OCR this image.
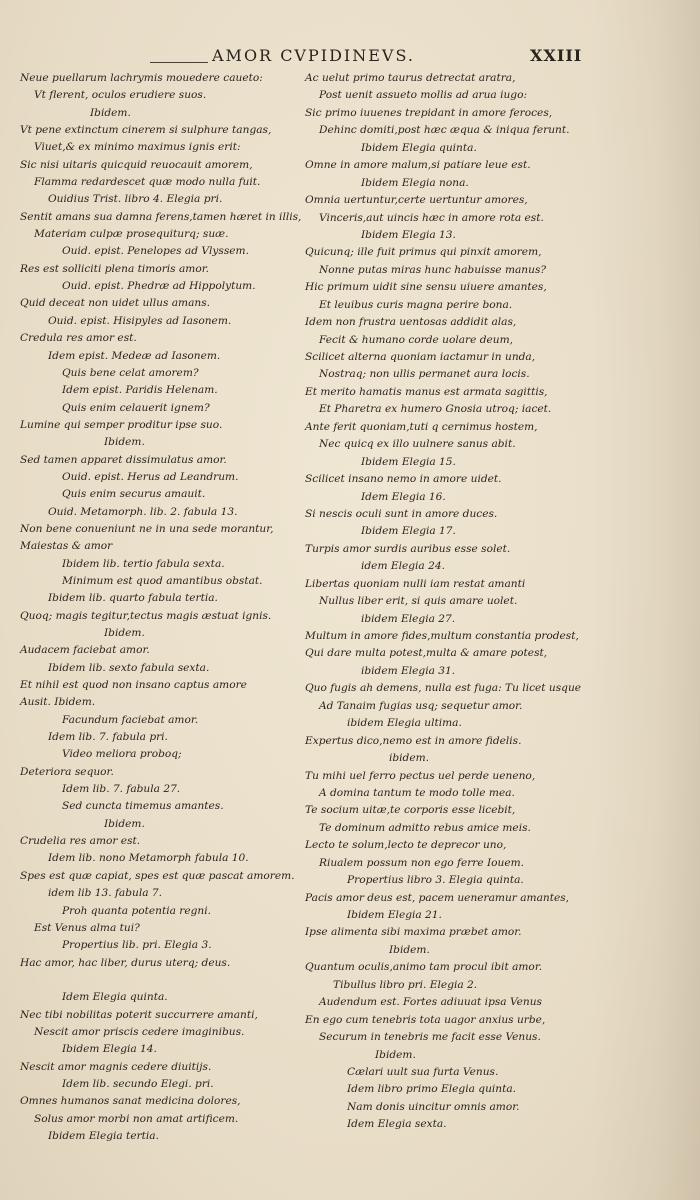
AMOR CVPIDINEVS.	XXIII
Neue puellarum lachrymis mouedere caueto:
Vt flerent, oculos erudiere suos.
Ibidem.
Vt pene extinctum cinerem si sulphure tangas,
Viuet,& ex minimo maximus ignis erit:
Sic nisi uitaris quicquid reuocauit amorem,
Flamma redardescet quæ modo nulla fuit.
Ouidius Trist. libro 4. Elegia pri.
Sentit amans sua damna ferens,tamen hæret in illis,
Materiam culpæ prosequiturq; suæ.
Ouid. epist. Penelopes ad Vlyssem.
Res est solliciti plena timoris amor.
Ouid. epist. Phedræ ad Hippolytum.
Quid deceat non uidet ullus amans.
Ouid. epist. Hisipyles ad Iasonem.
Credula res amor est.
Idem epist. Medeæ ad Iasonem.
Quis bene celat amorem?
Idem epist. Paridis Helenam.
Quis enim celauerit ignem?
Lumine qui semper proditur ipse suo.
Ibidem.
Sed tamen apparet dissimulatus amor.
Ouid. epist. Herus ad Leandrum.
Quis enim securus amauit.
Ouid. Metamorph. lib. 2. fabula 13.
Non bene conueniunt ne in una sede morantur,
Maiestas & amor
Ibidem lib. tertio fabula sexta.
Minimum est quod amantibus obstat.
Ibidem lib. quarto fabula tertia.
Quoq; magis tegitur,tectus magis æstuat ignis.
Ibidem.
Audacem faciebat amor.
Ibidem lib. sexto fabula sexta.
Et nihil est quod non insano captus amore
Ausit. Ibidem.
Facundum faciebat amor.
Idem lib. 7. fabula pri.
Video meliora proboq;
Deteriora sequor.
Idem lib. 7. fabula 27.
Sed cuncta timemus amantes.
Ibidem.
Crudelia res amor est.
Idem lib. nono Metamorph fabula 10.
Spes est quæ capiat, spes est quæ pascat amorem.
idem lib 13. fabula 7.
Proh quanta potentia regni.
Est Venus alma tui?
Propertius lib. pri. Elegia 3.
Hac amor, hac liber, durus uterq; deus.
Idem Elegia quinta.
Nec tibi nobilitas poterit succurrere amanti,
Nescit amor priscis cedere imaginibus.
Ibidem Elegia 14.
Nescit amor magnis cedere diuitijs.
Idem lib. secundo Elegi. pri.
Omnes humanos sanat medicina dolores,
Solus amor morbi non amat artificem.
Ibidem Elegia tertia.
Ac uelut primo taurus detrectat aratra,
Post uenit assueto mollis ad arua iugo:
Sic primo iuuenes trepidant in amore feroces,
Dehinc domiti,post hæc æqua & iniqua ferunt.
Ibidem Elegia quinta.
Omne in amore malum,si patiare leue est.
Ibidem Elegia nona.
Omnia uertuntur,certe uertuntur amores,
Vinceris,aut uincis hæc in amore rota est.
Ibidem Elegia 13.
Quicunq; ille fuit primus qui pinxit amorem,
Nonne putas miras hunc habuisse manus?
Hic primum uidit sine sensu uiuere amantes,
Et leuibus curis magna perire bona.
Idem non frustra uentosas addidit alas,
Fecit & humano corde uolare deum,
Scilicet alterna quoniam iactamur in unda,
Nostraq; non ullis permanet aura locis.
Et merito hamatis manus est armata sagittis,
Et Pharetra ex humero Gnosia utroq; iacet.
Ante ferit quoniam,tuti q cernimus hostem,
Nec quicq ex illo uulnere sanus abit.
Ibidem Elegia 15.
Scilicet insano nemo in amore uidet.
Idem Elegia 16.
Si nescis oculi sunt in amore duces.
Ibidem Elegia 17.
Turpis amor surdis auribus esse solet.
idem Elegia 24.
Libertas quoniam nulli iam restat amanti
Nullus liber erit, si quis amare uolet.
ibidem Elegia 27.
Multum in amore fides,multum constantia prodest,
Qui dare multa potest,multa & amare potest,
ibidem Elegia 31.
Quo fugis ah demens, nulla est fuga: Tu licet usque
Ad Tanaim fugias usq; sequetur amor.
ibidem Elegia ultima.
Expertus dico,nemo est in amore fidelis.
ibidem.
Tu mihi uel ferro pectus uel perde ueneno,
A domina tantum te modo tolle mea.
Te socium uitæ,te corporis esse licebit,
Te dominum admitto rebus amice meis.
Lecto te solum,lecto te deprecor uno,
Riualem possum non ego ferre Iouem.
Propertius libro 3. Elegia quinta.
Pacis amor deus est, pacem ueneramur amantes,
Ibidem Elegia 21.
Ipse alimenta sibi maxima præbet amor.
Ibidem.
Quantum oculis,animo tam procul ibit amor.
Tibullus libro pri. Elegia 2.
Audendum est. Fortes adiuuat ipsa Venus
En ego cum tenebris tota uagor anxius urbe,
Securum in tenebris me facit esse Venus.
Ibidem.
Cælari uult sua furta Venus.
Idem libro primo Elegia quinta.
Nam donis uincitur omnis amor.
Idem Elegia sexta.
